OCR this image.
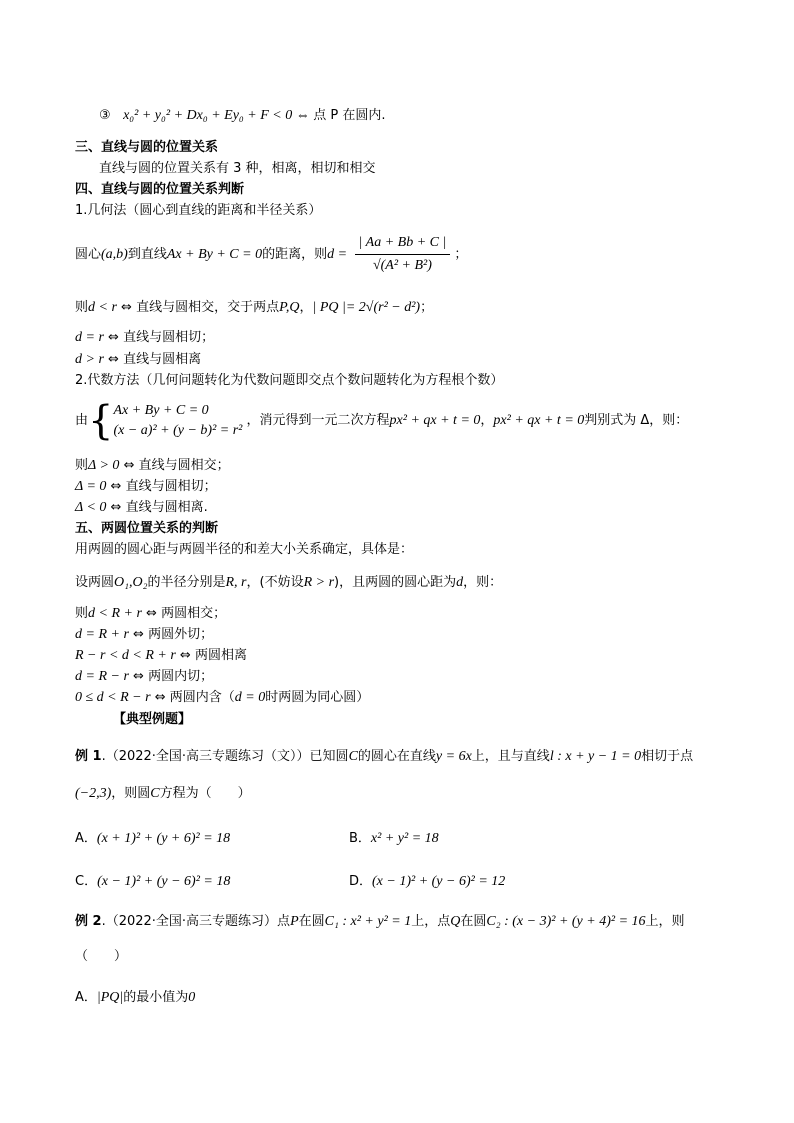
③ x₀² + y₀² + Dx₀ + Ey₀ + F < 0 ⇔ 点 P 在圆内.
三、直线与圆的位置关系
直线与圆的位置关系有 3 种，相离，相切和相交
四、直线与圆的位置关系判断
1.几何法（圆心到直线的距离和半径关系）
圆心(a,b)到直线Ax + By + C = 0的距离，则$d = \frac{| Aa + Bb + C |}{\text{√(A² + B²)}}$ ；
则d < r ⇔ 直线与圆相交，交于两点P,Q，| PQ |= 2√(r² − d²)；
d = r ⇔ 直线与圆相切；
d > r ⇔ 直线与圆相离
2.代数方法（几何问题转化为代数问题即交点个数问题转化为方程根个数）
由{ Ax + By + C = 0
(x − a)² + (y − b)² = r²
，消元得到一元二次方程px² + qx + t = 0，px² + qx + t = 0判别式为 Δ，则：
则Δ > 0 ⇔ 直线与圆相交；
Δ = 0 ⇔ 直线与圆相切；
Δ < 0 ⇔ 直线与圆相离.
五、两圆位置关系的判断
用两圆的圆心距与两圆半径的和差大小关系确定，具体是：
设两圆O₁,O₂的半径分别是R, r，(不妨设R > r)，且两圆的圆心距为d，则：
则d < R + r ⇔ 两圆相交；
d = R + r ⇔ 两圆外切；
R − r < d < R + r ⇔ 两圆相离
d = R − r ⇔ 两圆内切；
0 ≤ d < R − r ⇔ 两圆内含（d = 0时两圆为同心圆）
【典型例题】
例 1.（2022·全国·高三专题练习（文））已知圆C的圆心在直线y = 6x上，且与直线l : x + y − 1 = 0相切于点
(−2,3)，则圆C方程为（　　）
A．(x + 1)² + (y + 6)² = 18	B．x² + y² = 18
C．(x − 1)² + (y − 6)² = 18	D．(x − 1)² + (y − 6)² = 12
例 2.（2022·全国·高三专题练习）点P在圆C₁ : x² + y² = 1上，点Q在圆C₂ : (x − 3)² + (y + 4)² = 16上，则
（　　）
A．|PQ|的最小值为0
